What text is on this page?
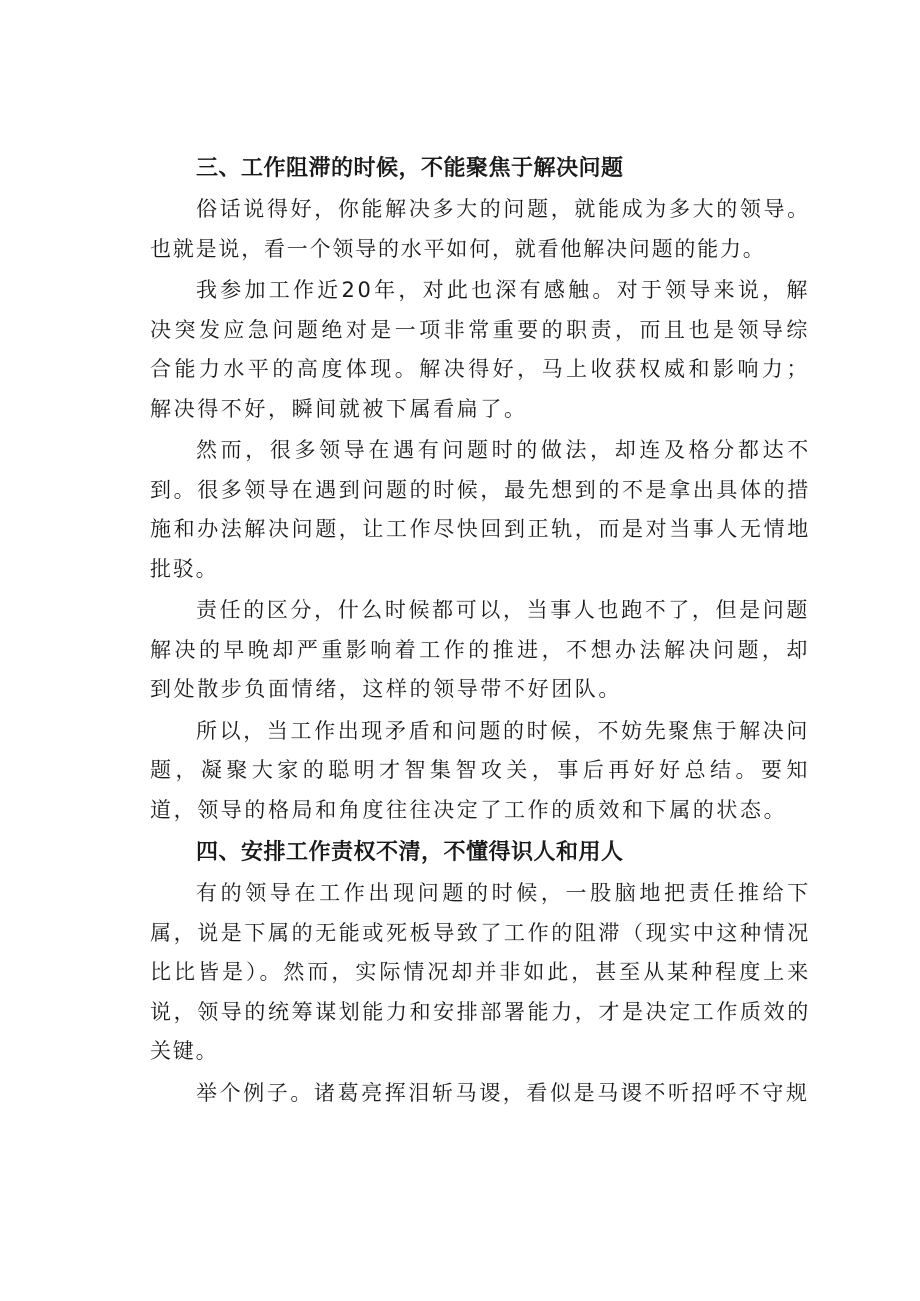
三、工作阻滞的时候，不能聚焦于解决问题

俗话说得好，你能解决多大的问题，就能成为多大的领导。也就是说，看一个领导的水平如何，就看他解决问题的能力。

我参加工作近20年，对此也深有感触。对于领导来说，解决突发应急问题绝对是一项非常重要的职责，而且也是领导综合能力水平的高度体现。解决得好，马上收获权威和影响力；解决得不好，瞬间就被下属看扁了。

然而，很多领导在遇有问题时的做法，却连及格分都达不到。很多领导在遇到问题的时候，最先想到的不是拿出具体的措施和办法解决问题，让工作尽快回到正轨，而是对当事人无情地批驳。

责任的区分，什么时候都可以，当事人也跑不了，但是问题解决的早晚却严重影响着工作的推进，不想办法解决问题，却到处散步负面情绪，这样的领导带不好团队。

所以，当工作出现矛盾和问题的时候，不妨先聚焦于解决问题，凝聚大家的聪明才智集智攻关，事后再好好总结。要知道，领导的格局和角度往往决定了工作的质效和下属的状态。

四、安排工作责权不清，不懂得识人和用人

有的领导在工作出现问题的时候，一股脑地把责任推给下属，说是下属的无能或死板导致了工作的阻滞（现实中这种情况比比皆是）。然而，实际情况却并非如此，甚至从某种程度上来说，领导的统筹谋划能力和安排部署能力，才是决定工作质效的关键。

举个例子。诸葛亮挥泪斩马谡，看似是马谡不听招呼不守规
